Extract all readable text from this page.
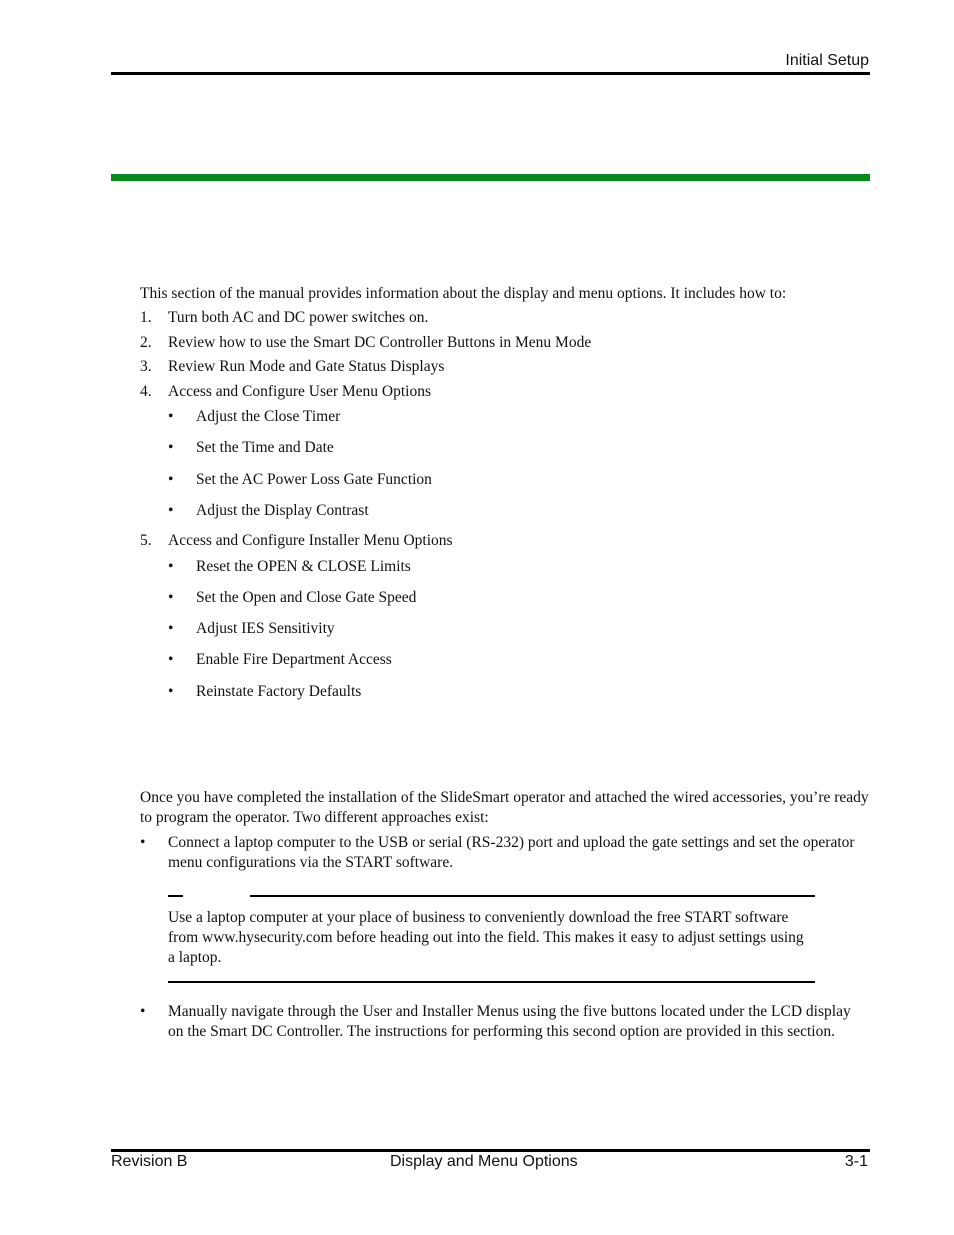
Initial Setup
This section of the manual provides information about the display and menu options. It includes how to:
1. Turn both AC and DC power switches on.
2. Review how to use the Smart DC Controller Buttons in Menu Mode
3. Review Run Mode and Gate Status Displays
4. Access and Configure User Menu Options
• Adjust the Close Timer
• Set the Time and Date
• Set the AC Power Loss Gate Function
• Adjust the Display Contrast
5. Access and Configure Installer Menu Options
• Reset the OPEN & CLOSE Limits
• Set the Open and Close Gate Speed
• Adjust IES Sensitivity
• Enable Fire Department Access
• Reinstate Factory Defaults
Once you have completed the installation of the SlideSmart operator and attached the wired accessories, you’re ready to program the operator. Two different approaches exist:
• Connect a laptop computer to the USB or serial (RS-232) port and upload the gate settings and set the operator menu configurations via the START software.
Use a laptop computer at your place of business to conveniently download the free START software from www.hysecurity.com before heading out into the field. This makes it easy to adjust settings using a laptop.
• Manually navigate through the User and Installer Menus using the five buttons located under the LCD display on the Smart DC Controller. The instructions for performing this second option are provided in this section.
Revision B	Display and Menu Options	3-1
